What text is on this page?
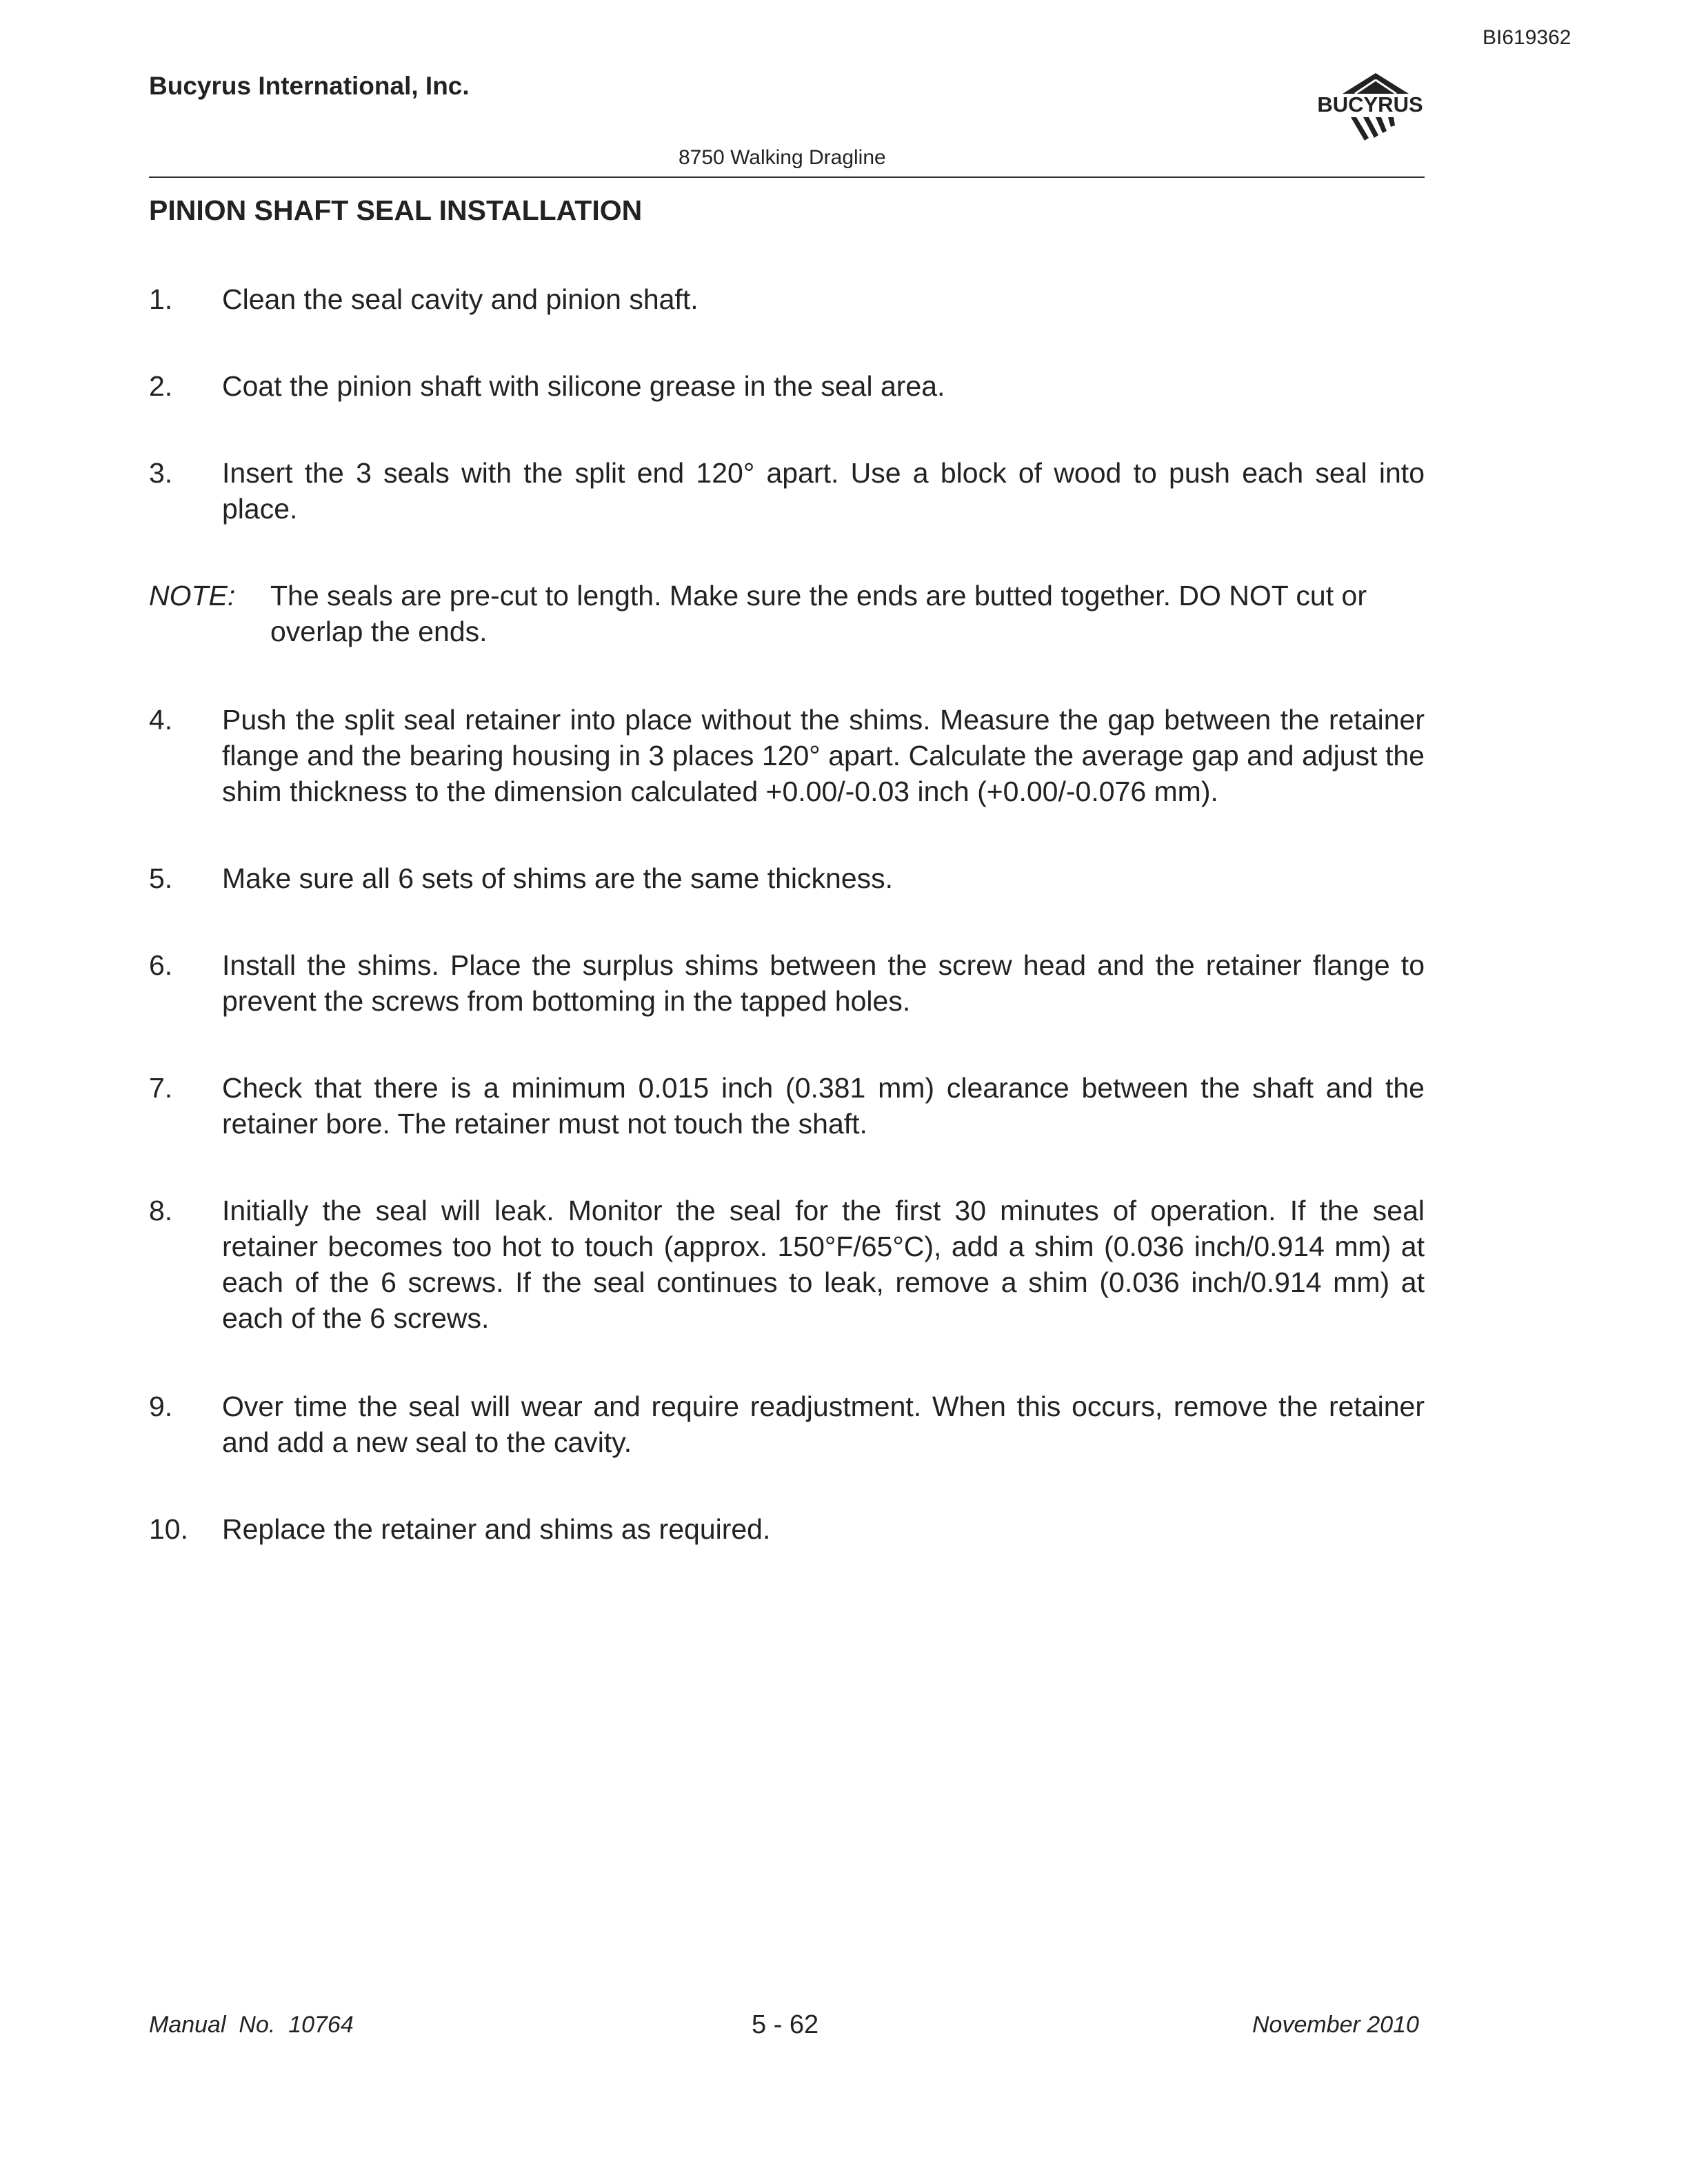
BI619362
Bucyrus International, Inc.
BUCYRUS
8750 Walking Dragline
PINION SHAFT SEAL INSTALLATION
1. Clean the seal cavity and pinion shaft.
2. Coat the pinion shaft with silicone grease in the seal area.
3. Insert the 3 seals with the split end 120° apart. Use a block of wood to push each seal into place.
NOTE: The seals are pre-cut to length. Make sure the ends are butted together. DO NOT cut or overlap the ends.
4. Push the split seal retainer into place without the shims. Measure the gap between the retainer flange and the bearing housing in 3 places 120° apart. Calculate the average gap and adjust the shim thickness to the dimension calculated +0.00/-0.03 inch (+0.00/-0.076 mm).
5. Make sure all 6 sets of shims are the same thickness.
6. Install the shims. Place the surplus shims between the screw head and the retainer flange to prevent the screws from bottoming in the tapped holes.
7. Check that there is a minimum 0.015 inch (0.381 mm) clearance between the shaft and the retainer bore. The retainer must not touch the shaft.
8. Initially the seal will leak. Monitor the seal for the first 30 minutes of operation. If the seal retainer becomes too hot to touch (approx. 150°F/65°C), add a shim (0.036 inch/0.914 mm) at each of the 6 screws. If the seal continues to leak, remove a shim (0.036 inch/0.914 mm) at each of the 6 screws.
9. Over time the seal will wear and require readjustment. When this occurs, remove the retainer and add a new seal to the cavity.
10. Replace the retainer and shims as required.
Manual  No.  10764	5 - 62	November 2010
